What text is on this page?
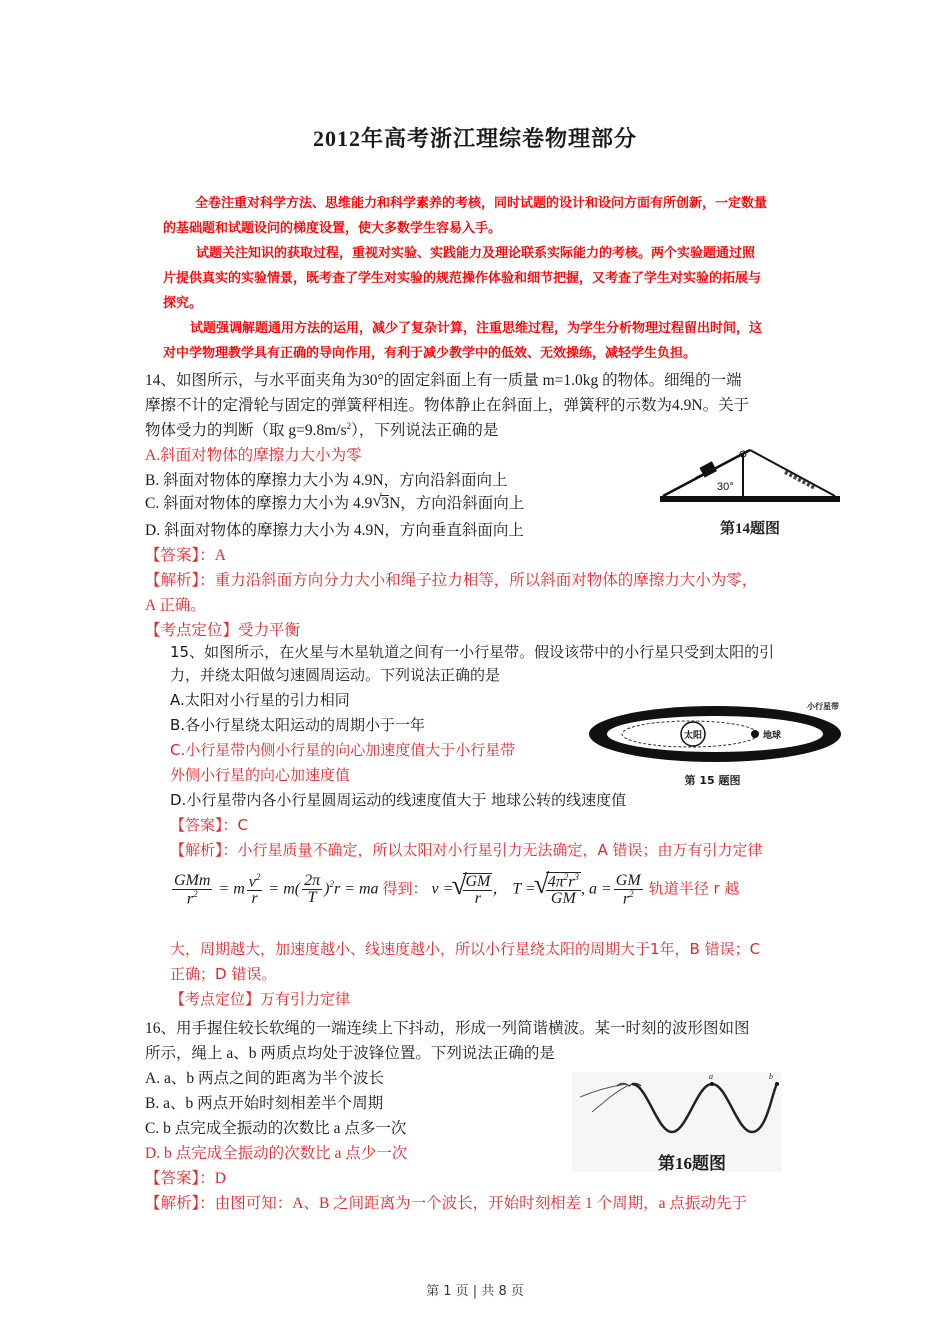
2012年高考浙江理综卷物理部分
全卷注重对科学方法、思维能力和科学素养的考核，同时试题的设计和设问方面有所创新，一定数量
的基础题和试题设问的梯度设置，使大多数学生容易入手。
试题关注知识的获取过程，重视对实验、实践能力及理论联系实际能力的考核。两个实验题通过照
片提供真实的实验情景，既考查了学生对实验的规范操作体验和细节把握，又考查了学生对实验的拓展与
探究。
试题强调解题通用方法的运用，减少了复杂计算，注重思维过程，为学生分析物理过程留出时间，这
对中学物理教学具有正确的导向作用，有利于减少教学中的低效、无效操练，减轻学生负担。
14、如图所示，与水平面夹角为30°的固定斜面上有一质量 m=1.0kg 的物体。细绳的一端
摩擦不计的定滑轮与固定的弹簧秤相连。物体静止在斜面上，弹簧秤的示数为4.9N。关于
物体受力的判断（取 $g=9.8m/s^2$），下列说法正确的是
A.斜面对物体的摩擦力大小为零
B. 斜面对物体的摩擦力大小为 4.9N，方向沿斜面向上
C. 斜面对物体的摩擦力大小为 4.9 √ 3N，方向沿斜面向上
D. 斜面对物体的摩擦力大小为 4.9N，方向垂直斜面向上
【答案】：A
【解析】：重力沿斜面方向分力大小和绳子拉力相等，所以斜面对物体的摩擦力大小为零，
A 正确。
【考点定位】受力平衡
30°
第14题图
15、如图所示，在火星与木星轨道之间有一小行星带。假设该带中的小行星只受到太阳的引
力，并绕太阳做匀速圆周运动。下列说法正确的是
A.太阳对小行星的引力相同
B.各小行星绕太阳运动的周期小于一年
C.小行星带内侧小行星的向心加速度值大于小行星带
外侧小行星的向心加速度值
D.小行星带内各小行星圆周运动的线速度值大于 地球公转的线速度值
【答案】：C
【解析】：小行星质量不确定，所以太阳对小行星引力无法确定，A 错误；由万有引力定律
$\frac{\text{GMm}}{r^2} = m \frac{v^2}{r} = m( \frac{2\pi}{T} )^2r$ = ma 得到： v = √ $\frac{GM}{r}$ ， T = √ $\frac{4\pi^2r^3}{GM}$ , $a = \frac{GM}{r^2}$ 轨道半径 r 越
大，周期越大，加速度越小、线速度越小，所以小行星绕太阳的周期大于1年，B 错误；C
正确；D 错误。
【考点定位】万有引力定律
太阳	地球
小行星带
第 15 题图
16、用手握住较长软绳的一端连续上下抖动，形成一列简谐横波。某一时刻的波形图如图
所示，绳上 a、b 两质点均处于波锋位置。下列说法正确的是
A. a、b 两点之间的距离为半个波长
B. a、b 两点开始时刻相差半个周期
C. b 点完成全振动的次数比 a 点多一次
D. b 点完成全振动的次数比 a 点少一次
【答案】：D
【解析】：由图可知：A、B 之间距离为一个波长，开始时刻相差 1 个周期，a 点振动先于
a	b
第16题图
第 1 页 | 共 8 页
